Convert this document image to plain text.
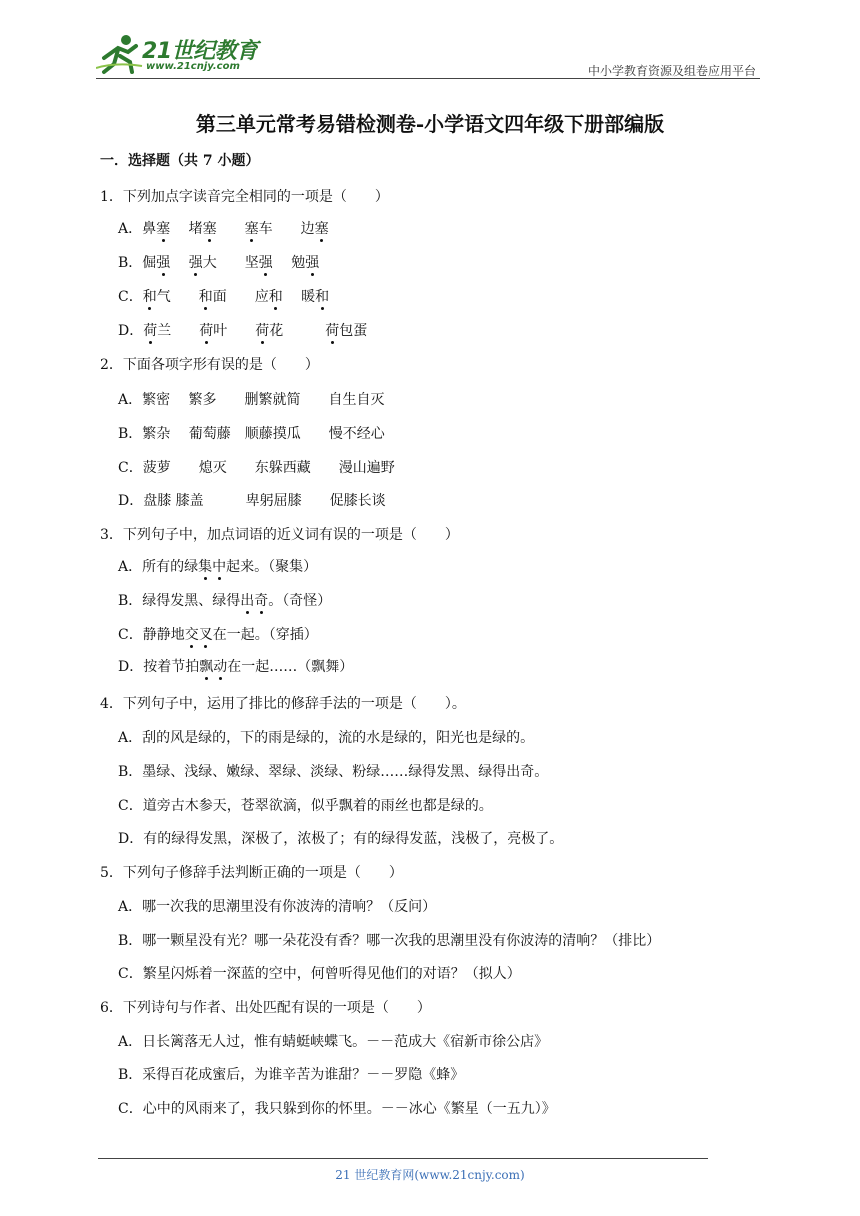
21世纪教育
www.21cnjy.com	中小学教育资源及组卷应用平台
第三单元常考易错检测卷-小学语文四年级下册部编版
一．选择题（共 7 小题）
1．下列加点字读音完全相同的一项是（　　）
A．鼻塞　 堵塞　　 塞车　　边塞
B．倔强　 强大　　坚强　 勉强
C．和气　　和面　　应和　 暖和
D．荷兰　　荷叶　　荷花　　　荷包蛋
2．下面各项字形有误的是（　　）
A．繁密　 繁多　　删繁就简　　自生自灭
B．繁杂　 葡萄藤　顺藤摸瓜　　慢不经心
C．菠萝　　熄灭　　东躲西藏　　漫山遍野
D．盘膝 膝盖　　　卑躬屈膝　　促膝长谈
3．下列句子中，加点词语的近义词有误的一项是（　　）
A．所有的绿集中起来。（聚集）
B．绿得发黑、绿得出奇。（奇怪）
C．静静地交叉在一起。（穿插）
D．按着节拍飘动在一起……（飘舞）
4．下列句子中，运用了排比的修辞手法的一项是（　　）。
A．刮的风是绿的，下的雨是绿的，流的水是绿的，阳光也是绿的。
B．墨绿、浅绿、嫩绿、翠绿、淡绿、粉绿……绿得发黑、绿得出奇。
C．道旁古木参天，苍翠欲滴，似乎飘着的雨丝也都是绿的。
D．有的绿得发黑，深极了，浓极了；有的绿得发蓝，浅极了，亮极了。
5．下列句子修辞手法判断正确的一项是（　　）
A．哪一次我的思潮里没有你波涛的清响？（反问）
B．哪一颗星没有光？哪一朵花没有香？哪一次我的思潮里没有你波涛的清响？（排比）
C．繁星闪烁着一深蓝的空中，何曾听得见他们的对语？（拟人）
6．下列诗句与作者、出处匹配有误的一项是（　　）
A．日长篱落无人过，惟有蜻蜓峡蝶飞。－－范成大《宿新市徐公店》
B．采得百花成蜜后，为谁辛苦为谁甜？－－罗隐《蜂》
C．心中的风雨来了，我只躲到你的怀里。－－冰心《繁星（一五九）》
21 世纪教育网(www.21cnjy.com)
